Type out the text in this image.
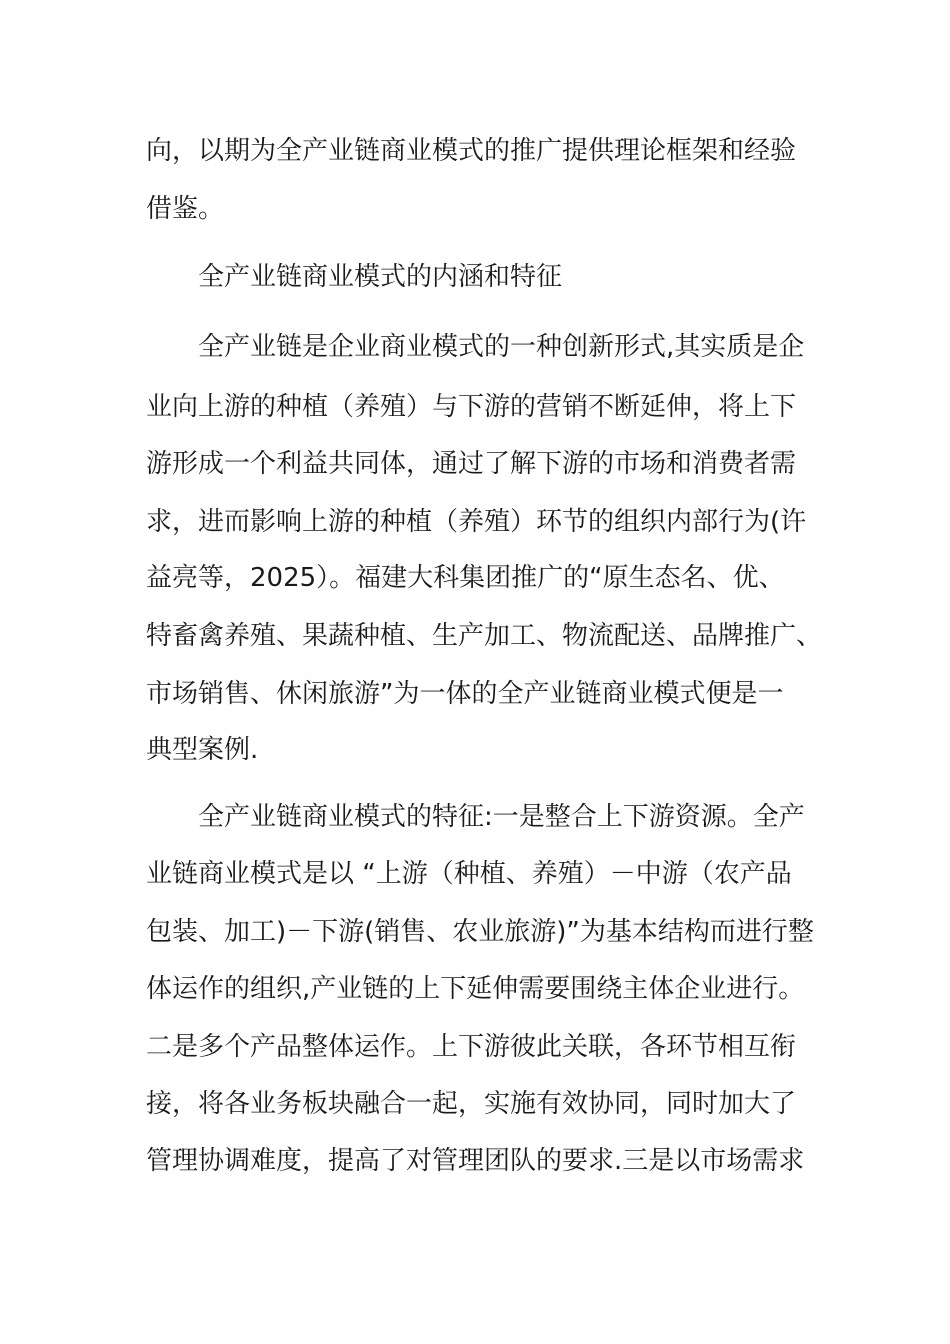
向，以期为全产业链商业模式的推广提供理论框架和经验

借鉴。

全产业链商业模式的内涵和特征

全产业链是企业商业模式的一种创新形式,其实质是企

业向上游的种植（养殖）与下游的营销不断延伸，将上下

游形成一个利益共同体，通过了解下游的市场和消费者需

求，进而影响上游的种植（养殖）环节的组织内部行为(许

益亮等，2025）。福建大科集团推广的“原生态名、优、

特畜禽养殖、果蔬种植、生产加工、物流配送、品牌推广、

市场销售、休闲旅游”为一体的全产业链商业模式便是一

典型案例.

全产业链商业模式的特征:一是整合上下游资源。全产

业链商业模式是以 “上游（种植、养殖）－中游（农产品

包装、加工)－下游(销售、农业旅游)”为基本结构而进行整

体运作的组织,产业链的上下延伸需要围绕主体企业进行。

二是多个产品整体运作。上下游彼此关联，各环节相互衔

接，将各业务板块融合一起，实施有效协同，同时加大了

管理协调难度，提高了对管理团队的要求.三是以市场需求
